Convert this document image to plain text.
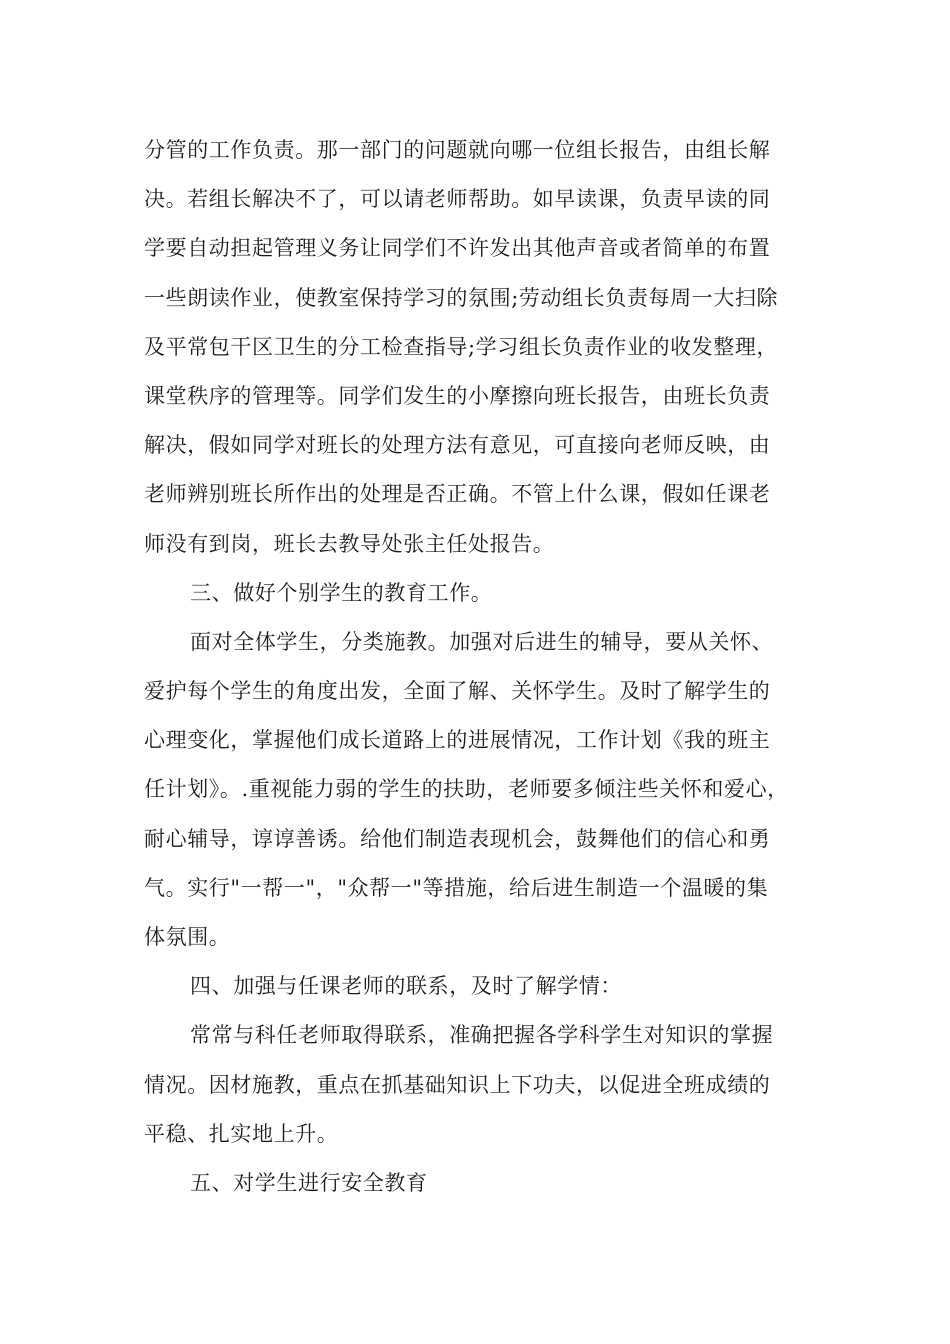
分管的工作负责。那一部门的问题就向哪一位组长报告，由组长解
决。若组长解决不了，可以请老师帮助。如早读课，负责早读的同
学要自动担起管理义务让同学们不许发出其他声音或者简单的布置
一些朗读作业，使教室保持学习的氛围;劳动组长负责每周一大扫除
及平常包干区卫生的分工检查指导;学习组长负责作业的收发整理，
课堂秩序的管理等。同学们发生的小摩擦向班长报告，由班长负责
解决，假如同学对班长的处理方法有意见，可直接向老师反映，由
老师辨别班长所作出的处理是否正确。不管上什么课，假如任课老
师没有到岗，班长去教导处张主任处报告。
三、做好个别学生的教育工作。
面对全体学生，分类施教。加强对后进生的辅导，要从关怀、
爱护每个学生的角度出发，全面了解、关怀学生。及时了解学生的
心理变化，掌握他们成长道路上的进展情况，工作计划《我的班主
任计划》。.重视能力弱的学生的扶助，老师要多倾注些关怀和爱心，
耐心辅导，谆谆善诱。给他们制造表现机会，鼓舞他们的信心和勇
气。实行"一帮一"，"众帮一"等措施，给后进生制造一个温暖的集
体氛围。
四、加强与任课老师的联系，及时了解学情：
常常与科任老师取得联系，准确把握各学科学生对知识的掌握
情况。因材施教，重点在抓基础知识上下功夫，以促进全班成绩的
平稳、扎实地上升。
五、对学生进行安全教育
